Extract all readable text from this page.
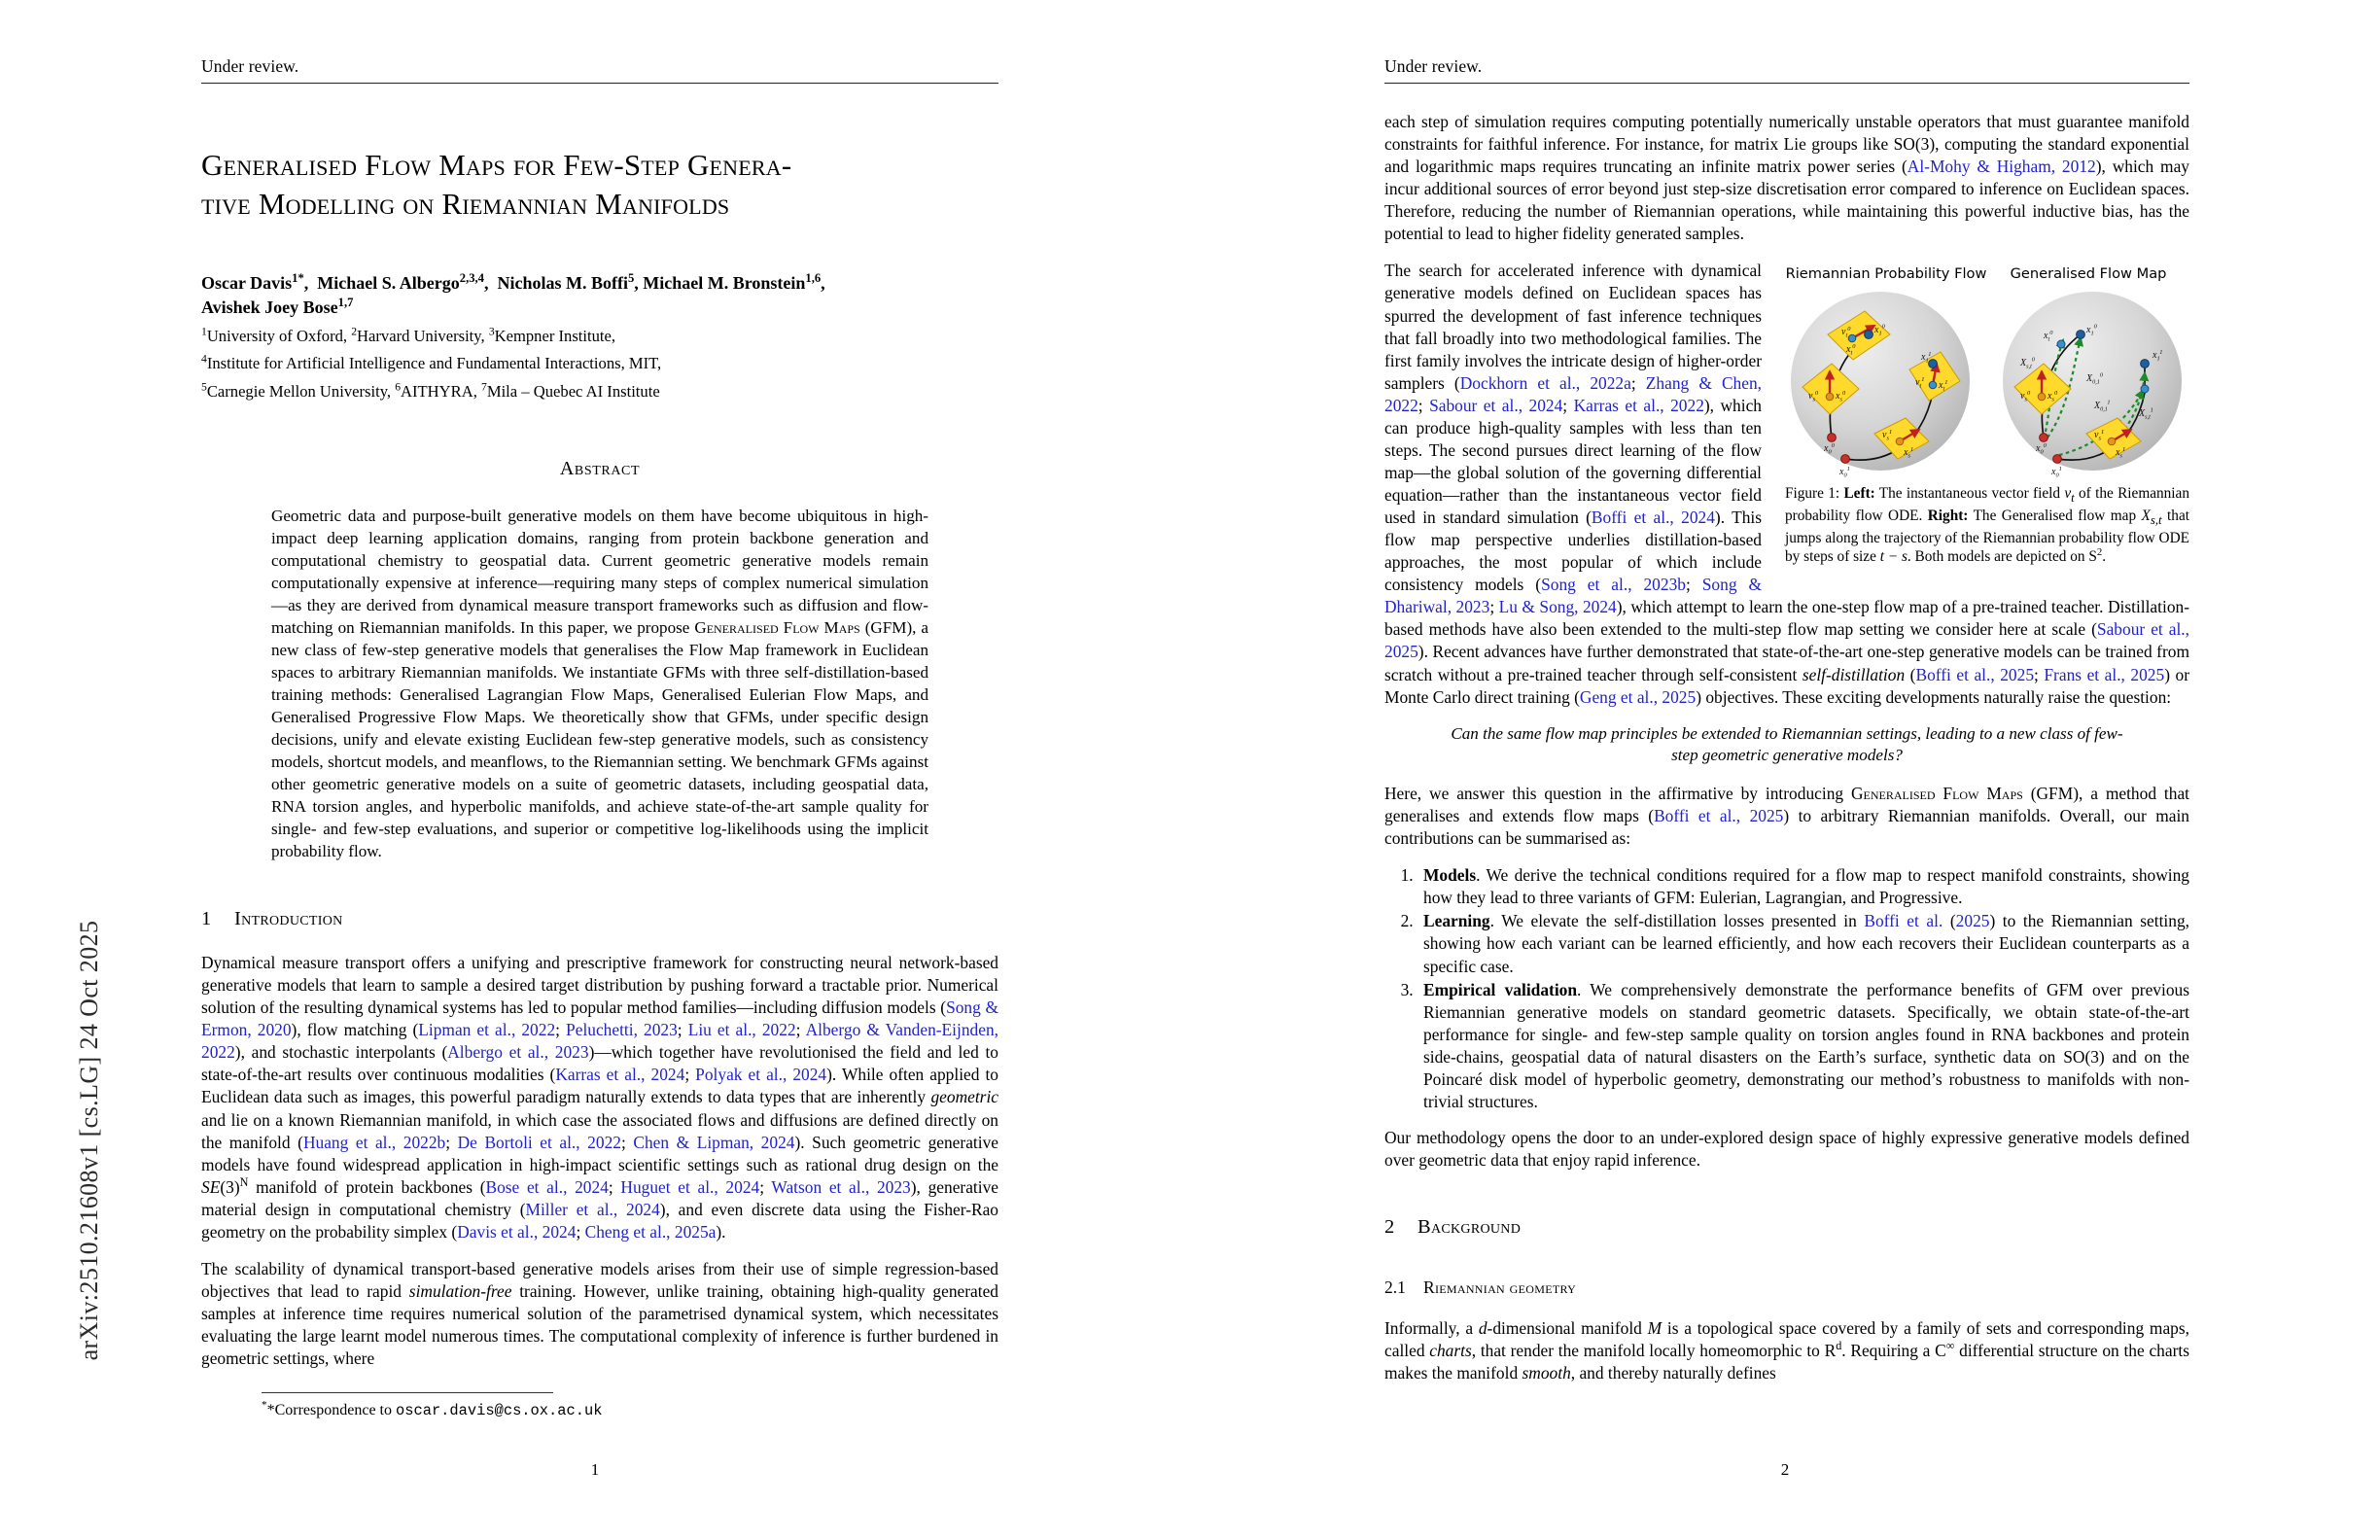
arXiv:2510.21608v1 [cs.LG] 24 Oct 2025
Under review.
Generalised Flow Maps for Few-Step Genera-
tive Modelling on Riemannian Manifolds
Oscar Davis$^{1*}$,  Michael S. Albergo$^{2,3,4}$,  Nicholas M. Boffi$^5$, Michael M. Bronstein$^{1,6}$,
Avishek Joey Bose$^{1,7}$
$^1$University of Oxford, $^2$Harvard University, $^3$Kempner Institute,
$^4$Institute for Artificial Intelligence and Fundamental Interactions, MIT,
$^5$Carnegie Mellon University, $^6$AITHYRA, $^7$Mila – Quebec AI Institute
Abstract
Geometric data and purpose-built generative models on them have become ubiquitous in high-impact deep learning application domains, ranging from protein backbone generation and computational chemistry to geospatial data. Current geometric generative models remain computationally expensive at inference—requiring many steps of complex numerical simulation—as they are derived from dynamical measure transport frameworks such as diffusion and flow-matching on Riemannian manifolds. In this paper, we propose Generalised Flow Maps (GFM), a new class of few-step generative models that generalises the Flow Map framework in Euclidean spaces to arbitrary Riemannian manifolds. We instantiate GFMs with three self-distillation-based training methods: Generalised Lagrangian Flow Maps, Generalised Eulerian Flow Maps, and Generalised Progressive Flow Maps. We theoretically show that GFMs, under specific design decisions, unify and elevate existing Euclidean few-step generative models, such as consistency models, shortcut models, and meanflows, to the Riemannian setting. We benchmark GFMs against other geometric generative models on a suite of geometric datasets, including geospatial data, RNA torsion angles, and hyperbolic manifolds, and achieve state-of-the-art sample quality for single- and few-step evaluations, and superior or competitive log-likelihoods using the implicit probability flow.
1 Introduction

Dynamical measure transport offers a unifying and prescriptive framework for constructing neural network-based generative models that learn to sample a desired target distribution by pushing forward a tractable prior. Numerical solution of the resulting dynamical systems has led to popular method families—including diffusion models (Song & Ermon, 2020), flow matching (Lipman et al., 2022; Peluchetti, 2023; Liu et al., 2022; Albergo & Vanden-Eijnden, 2022), and stochastic interpolants (Albergo et al., 2023)—which together have revolutionised the field and led to state-of-the-art results over continuous modalities (Karras et al., 2024; Polyak et al., 2024). While often applied to Euclidean data such as images, this powerful paradigm naturally extends to data types that are inherently geometric and lie on a known Riemannian manifold, in which case the associated flows and diffusions are defined directly on the manifold (Huang et al., 2022b; De Bortoli et al., 2022; Chen & Lipman, 2024). Such geometric generative models have found widespread application in high-impact scientific settings such as rational drug design on the $SE(3)^N$ manifold of protein backbones (Bose et al., 2024; Huguet et al., 2024; Watson et al., 2023), generative material design in computational chemistry (Miller et al., 2024), and even discrete data using the Fisher-Rao geometry on the probability simplex (Davis et al., 2024; Cheng et al., 2025a).

The scalability of dynamical transport-based generative models arises from their use of simple regression-based objectives that lead to rapid simulation-free training. However, unlike training, obtaining high-quality generated samples at inference time requires numerical solution of the parametrised dynamical system, which necessitates evaluating the large learnt model numerous times. The computational complexity of inference is further burdened in geometric settings, where

**Correspondence to oscar.davis@cs.ox.ac.uk
1
Under review.

each step of simulation requires computing potentially numerically unstable operators that must guarantee manifold constraints for faithful inference. For instance, for matrix Lie groups like SO(3), computing the standard exponential and logarithmic maps requires truncating an infinite matrix power series (Al-Mohy & Higham, 2012), which may incur additional sources of error beyond just step-size discretisation error compared to inference on Euclidean spaces. Therefore, reducing the number of Riemannian operations, while maintaining this powerful inductive bias, has the potential to lead to higher fidelity generated samples.

Riemannian Probability Flow	Generalised Flow Map
$x_1^0$
$v_t^0$
$x_t^0$
$v_s^0$ $x_s^0$
$x_0^0$
$x_1^1$
$v_t^1$
$x_t^1$
$v_s^1$
$x_s^1$
$x_0^1$
$x_1^0$
$x_t^0$
$X_{s,t}^0$
$X_{0,1}^0$
$v_s^0$ $x_s^0$
$x_0^0$
$x_1^1$
$X_{0,1}^1$
$X_{s,t}^1$
$v_s^1$
$x_s^1$
$x_0^1$
Figure 1: Left: The instantaneous vector field $v_t$ of the Riemannian probability flow ODE. Right: The Generalised flow map $X_{s,t}$ that jumps along the trajectory of the Riemannian probability flow ODE by steps of size t − s. Both models are depicted on $S^2$.

The search for accelerated inference with dynamical generative models defined on Euclidean spaces has spurred the development of fast inference techniques that fall broadly into two methodological families. The first family involves the intricate design of higher-order samplers (Dockhorn et al., 2022a; Zhang & Chen, 2022; Sabour et al., 2024; Karras et al., 2022), which can produce high-quality samples with less than ten steps. The second pursues direct learning of the flow map—the global solution of the governing differential equation—rather than the instantaneous vector field used in standard simulation (Boffi et al., 2024). This flow map perspective underlies distillation-based approaches, the most popular of which include consistency models (Song et al., 2023b; Song & Dhariwal, 2023; Lu & Song, 2024), which attempt to learn the one-step flow map of a pre-trained teacher. Distillation-based methods have also been extended to the multi-step flow map setting we consider here at scale (Sabour et al., 2025). Recent advances have further demonstrated that state-of-the-art one-step generative models can be trained from scratch without a pre-trained teacher through self-consistent self-distillation (Boffi et al., 2025; Frans et al., 2025) or Monte Carlo direct training (Geng et al., 2025) objectives. These exciting developments naturally raise the question:

Can the same flow map principles be extended to Riemannian settings, leading to a new class of few-step geometric generative models?

Here, we answer this question in the affirmative by introducing Generalised Flow Maps (GFM), a method that generalises and extends flow maps (Boffi et al., 2025) to arbitrary Riemannian manifolds. Overall, our main contributions can be summarised as:

1. Models. We derive the technical conditions required for a flow map to respect manifold constraints, showing how they lead to three variants of GFM: Eulerian, Lagrangian, and Progressive.
2. Learning. We elevate the self-distillation losses presented in Boffi et al. (2025) to the Riemannian setting, showing how each variant can be learned efficiently, and how each recovers their Euclidean counterparts as a specific case.
3. Empirical validation. We comprehensively demonstrate the performance benefits of GFM over previous Riemannian generative models on standard geometric datasets. Specifically, we obtain state-of-the-art performance for single- and few-step sample quality on torsion angles found in RNA backbones and protein side-chains, geospatial data of natural disasters on the Earth’s surface, synthetic data on SO(3) and on the Poincaré disk model of hyperbolic geometry, demonstrating our method’s robustness to manifolds with non-trivial structures.

Our methodology opens the door to an under-explored design space of highly expressive generative models defined over geometric data that enjoy rapid inference.

2 Background
2.1 Riemannian geometry

Informally, a d-dimensional manifold M is a topological space covered by a family of sets and corresponding maps, called charts, that render the manifold locally homeomorphic to $R^d$. Requiring a C∞ differential structure on the charts makes the manifold smooth, and thereby naturally defines

2
